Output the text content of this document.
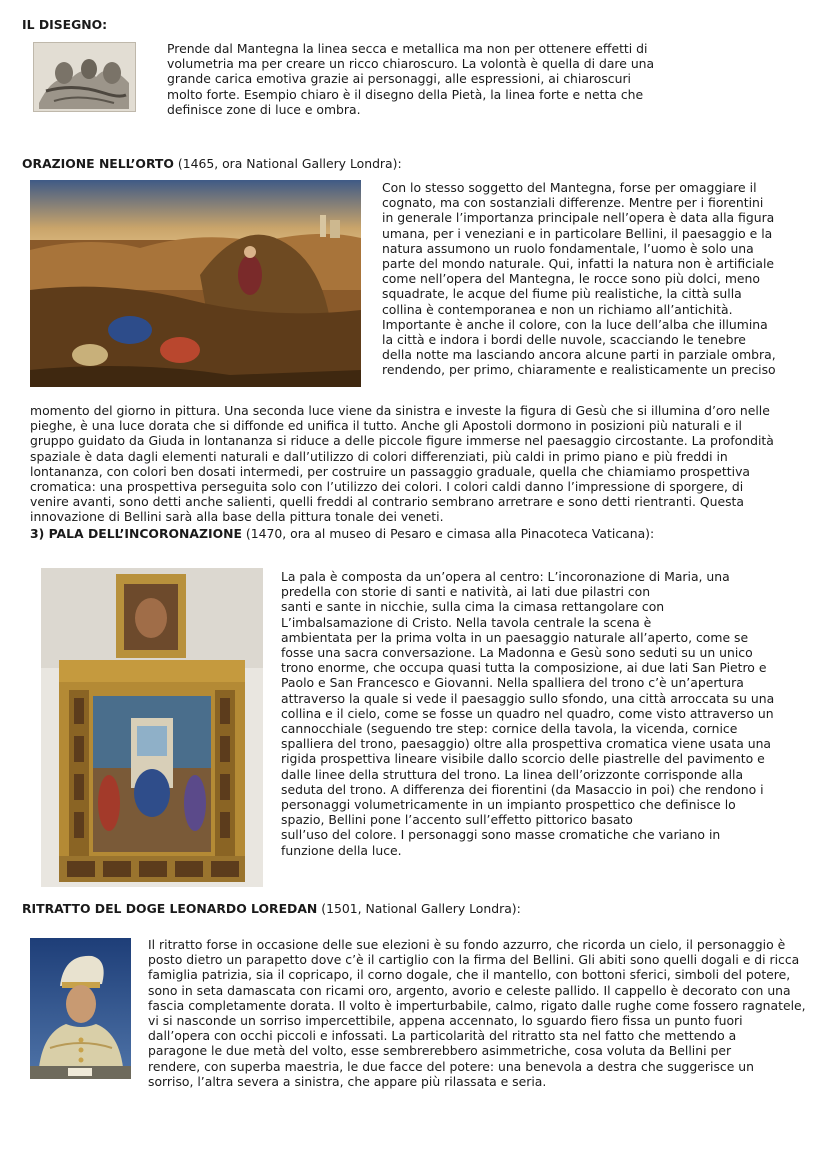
IL DISEGNO:
Prende dal Mantegna la linea secca e metallica ma non per ottenere effetti di
volumetria ma per creare un ricco chiaroscuro. La volontà è quella di dare una
grande carica emotiva grazie ai personaggi, alle espressioni, ai chiaroscuri
molto forte. Esempio chiaro è il disegno della Pietà, la linea forte e netta che
definisce zone di luce e ombra.
ORAZIONE NELL’ORTO (1465, ora National Gallery Londra):
Con lo stesso soggetto del Mantegna, forse per omaggiare il
cognato, ma con sostanziali differenze. Mentre per i fiorentini
in generale l’importanza principale nell’opera è data alla figura
umana, per i veneziani e in particolare Bellini, il paesaggio e la
natura assumono un ruolo fondamentale, l’uomo è solo una
parte del mondo naturale. Qui, infatti la natura non è artificiale
come nell’opera del Mantegna, le rocce sono più dolci, meno
squadrate, le acque del fiume più realistiche, la città sulla
collina è contemporanea e non un richiamo all’antichità.
Importante è anche il colore, con la luce dell’alba che illumina
la città e indora i bordi delle nuvole, scacciando le tenebre
della notte ma lasciando ancora alcune parti in parziale ombra,
rendendo, per primo, chiaramente e realisticamente un preciso
momento del giorno in pittura. Una seconda luce viene da sinistra e investe la figura di Gesù che si illumina d’oro nelle
pieghe, è una luce dorata che si diffonde ed unifica il tutto. Anche gli Apostoli dormono in posizioni più naturali e il
gruppo guidato da Giuda in lontananza si riduce a delle piccole figure immerse nel paesaggio circostante. La profondità
spaziale è data dagli elementi naturali e dall’utilizzo di colori differenziati, più caldi in primo piano e più freddi in
lontananza, con colori ben dosati intermedi, per costruire un passaggio graduale, quella che chiamiamo prospettiva
cromatica: una prospettiva perseguita solo con l’utilizzo dei colori. I colori caldi danno l’impressione di sporgere, di
venire avanti, sono detti anche salienti, quelli freddi al contrario sembrano arretrare e sono detti rientranti. Questa
innovazione di Bellini sarà alla base della pittura tonale dei veneti.
3) PALA DELL’INCORONAZIONE (1470, ora al museo di Pesaro e cimasa alla Pinacoteca Vaticana):
La pala è composta da un’opera al centro: L’incoronazione di Maria, una
predella con storie di santi e natività, ai lati due pilastri con
santi e sante in nicchie, sulla cima la cimasa rettangolare con
L’imbalsamazione di Cristo. Nella tavola centrale la scena è
ambientata per la prima volta in un paesaggio naturale all’aperto, come se
fosse una sacra conversazione. La Madonna e Gesù sono seduti su un unico
trono enorme, che occupa quasi tutta la composizione, ai due lati San Pietro e
Paolo e San Francesco e Giovanni. Nella spalliera del trono c’è un’apertura
attraverso la quale si vede il paesaggio sullo sfondo, una città arroccata su una
collina e il cielo, come se fosse un quadro nel quadro, come visto attraverso un
cannocchiale (seguendo tre step: cornice della tavola, la vicenda, cornice
spalliera del trono, paesaggio) oltre alla prospettiva cromatica viene usata una
rigida prospettiva lineare visibile dallo scorcio delle piastrelle del pavimento e
dalle linee della struttura del trono. La linea dell’orizzonte corrisponde alla
seduta del trono. A differenza dei fiorentini (da Masaccio in poi) che rendono i
personaggi volumetricamente in un impianto prospettico che definisce lo
spazio, Bellini pone l’accento sull’effetto pittorico basato
sull’uso del colore. I personaggi sono masse cromatiche che variano in
funzione della luce.
RITRATTO DEL DOGE LEONARDO LOREDAN (1501, National Gallery Londra):
Il ritratto forse in occasione delle sue elezioni è su fondo azzurro, che ricorda un cielo, il personaggio è
posto dietro un parapetto dove c’è il cartiglio con la firma del Bellini. Gli abiti sono quelli dogali e di ricca
famiglia patrizia, sia il copricapo, il corno dogale, che il mantello, con bottoni sferici, simboli del potere,
sono in seta damascata con ricami oro, argento, avorio e celeste pallido. Il cappello è decorato con una
fascia completamente dorata. Il volto è imperturbabile, calmo, rigato dalle rughe come fossero ragnatele,
vi si nasconde un sorriso impercettibile, appena accennato, lo sguardo fiero fissa un punto fuori
dall’opera con occhi piccoli e infossati. La particolarità del ritratto sta nel fatto che mettendo a
paragone le due metà del volto, esse sembrerebbero asimmetriche, cosa voluta da Bellini per
rendere, con superba maestria, le due facce del potere: una benevola a destra che suggerisce un
sorriso, l’altra severa a sinistra, che appare più rilassata e seria.
